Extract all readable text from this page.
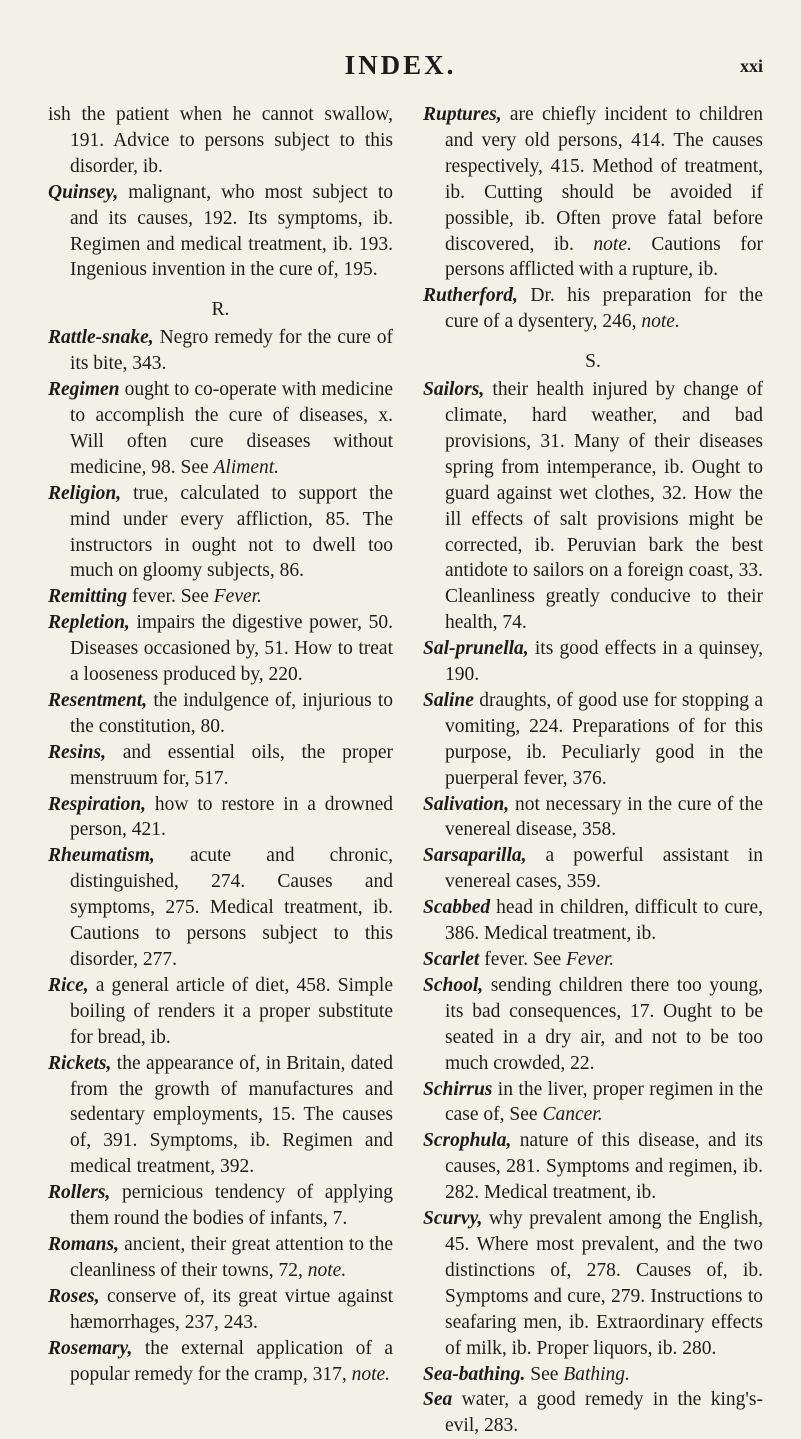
INDEX.	xxi

ish the patient when he cannot swallow, 191. Advice to persons subject to this disorder, ib.

Quinsey, malignant, who most subject to and its causes, 192. Its symptoms, ib. Regimen and medical treatment, ib. 193. Ingenious invention in the cure of, 195.

R.

Rattle-snake, Negro remedy for the cure of its bite, 343.

Regimen ought to co-operate with medicine to accomplish the cure of diseases, x. Will often cure diseases without medicine, 98. See Aliment.

Religion, true, calculated to support the mind under every affliction, 85. The instructors in ought not to dwell too much on gloomy subjects, 86.

Remitting fever. See Fever.

Repletion, impairs the digestive power, 50. Diseases occasioned by, 51. How to treat a looseness produced by, 220.

Resentment, the indulgence of, injurious to the constitution, 80.

Resins, and essential oils, the proper menstruum for, 517.

Respiration, how to restore in a drowned person, 421.

Rheumatism, acute and chronic, distinguished, 274. Causes and symptoms, 275. Medical treatment, ib. Cautions to persons subject to this disorder, 277.

Rice, a general article of diet, 458. Simple boiling of renders it a proper substitute for bread, ib.

Rickets, the appearance of, in Britain, dated from the growth of manufactures and sedentary employments, 15. The causes of, 391. Symptoms, ib. Regimen and medical treatment, 392.

Rollers, pernicious tendency of applying them round the bodies of infants, 7.

Romans, ancient, their great attention to the cleanliness of their towns, 72, note.

Roses, conserve of, its great virtue against hæmorrhages, 237, 243.

Rosemary, the external application of a popular remedy for the cramp, 317, note.

Ruptures, are chiefly incident to children and very old persons, 414. The causes respectively, 415. Method of treatment, ib. Cutting should be avoided if possible, ib. Often prove fatal before discovered, ib. note. Cautions for persons afflicted with a rupture, ib.

Rutherford, Dr. his preparation for the cure of a dysentery, 246, note.

S.

Sailors, their health injured by change of climate, hard weather, and bad provisions, 31. Many of their diseases spring from intemperance, ib. Ought to guard against wet clothes, 32. How the ill effects of salt provisions might be corrected, ib. Peruvian bark the best antidote to sailors on a foreign coast, 33. Cleanliness greatly conducive to their health, 74.

Sal-prunella, its good effects in a quinsey, 190.

Saline draughts, of good use for stopping a vomiting, 224. Preparations of for this purpose, ib. Peculiarly good in the puerperal fever, 376.

Salivation, not necessary in the cure of the venereal disease, 358.

Sarsaparilla, a powerful assistant in venereal cases, 359.

Scabbed head in children, difficult to cure, 386. Medical treatment, ib.

Scarlet fever. See Fever.

School, sending children there too young, its bad consequences, 17. Ought to be seated in a dry air, and not to be too much crowded, 22.

Schirrus in the liver, proper regimen in the case of, See Cancer.

Scrophula, nature of this disease, and its causes, 281. Symptoms and regimen, ib. 282. Medical treatment, ib.

Scurvy, why prevalent among the English, 45. Where most prevalent, and the two distinctions of, 278. Causes of, ib. Symptoms and cure, 279. Instructions to seafaring men, ib. Extraordinary effects of milk, ib. Proper liquors, ib. 280.

Sea-bathing. See Bathing.

Sea water, a good remedy in the king's-evil, 283.
